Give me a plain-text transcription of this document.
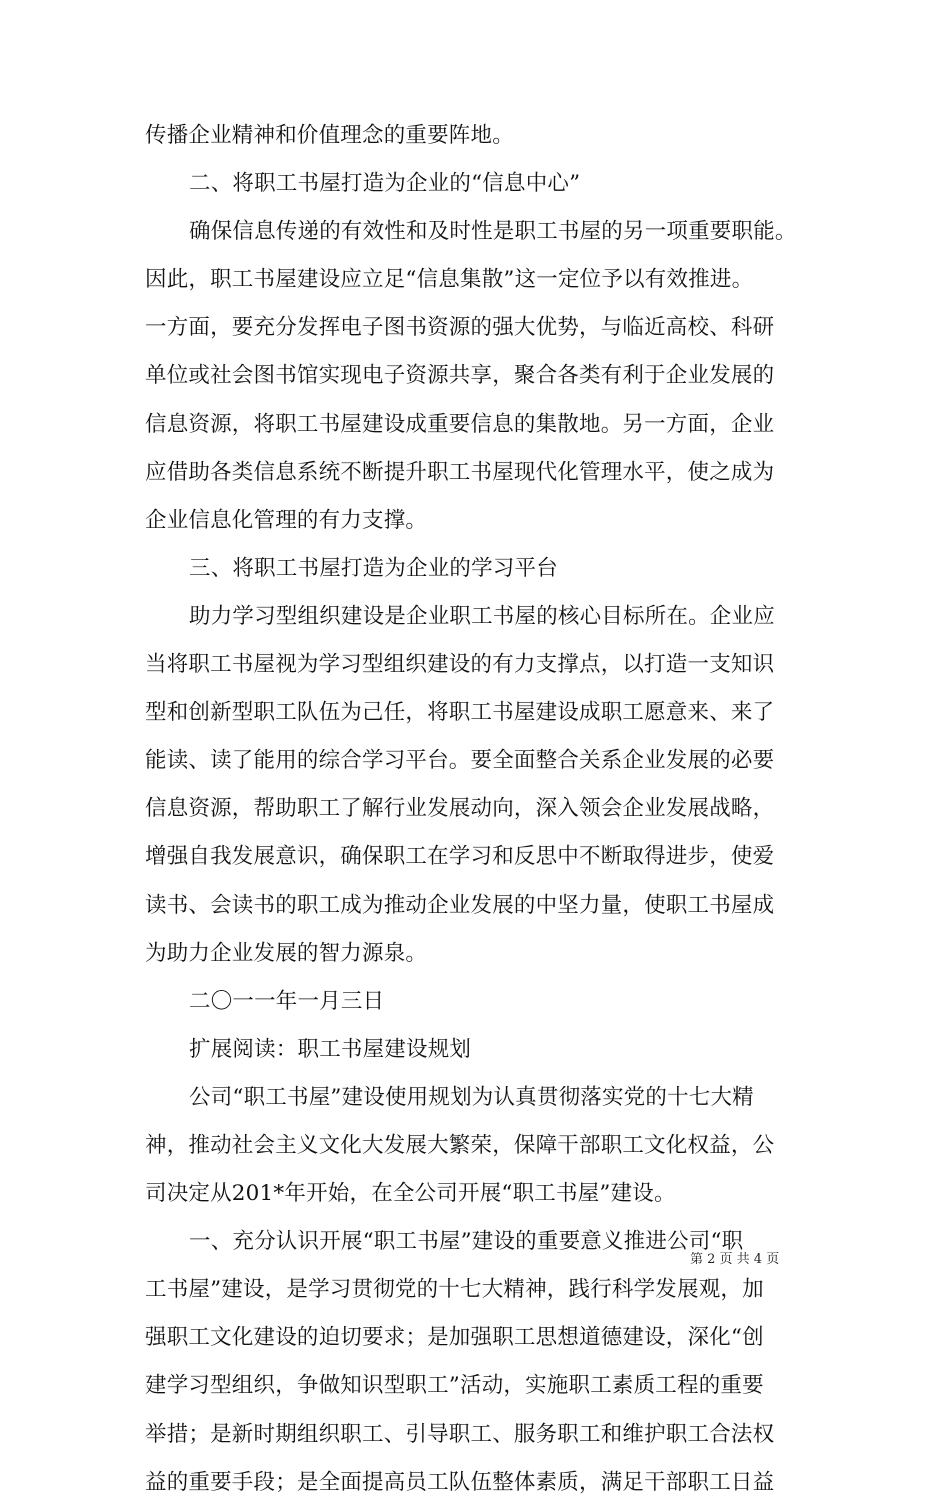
传播企业精神和价值理念的重要阵地。
二、将职工书屋打造为企业的“信息中心”
确保信息传递的有效性和及时性是职工书屋的另一项重要职能。
因此，职工书屋建设应立足“信息集散”这一定位予以有效推进。
一方面，要充分发挥电子图书资源的强大优势，与临近高校、科研
单位或社会图书馆实现电子资源共享，聚合各类有利于企业发展的
信息资源，将职工书屋建设成重要信息的集散地。另一方面，企业
应借助各类信息系统不断提升职工书屋现代化管理水平，使之成为
企业信息化管理的有力支撑。
三、将职工书屋打造为企业的学习平台
助力学习型组织建设是企业职工书屋的核心目标所在。企业应
当将职工书屋视为学习型组织建设的有力支撑点，以打造一支知识
型和创新型职工队伍为己任，将职工书屋建设成职工愿意来、来了
能读、读了能用的综合学习平台。要全面整合关系企业发展的必要
信息资源，帮助职工了解行业发展动向，深入领会企业发展战略，
增强自我发展意识，确保职工在学习和反思中不断取得进步，使爱
读书、会读书的职工成为推动企业发展的中坚力量，使职工书屋成
为助力企业发展的智力源泉。
二〇一一年一月三日
扩展阅读：职工书屋建设规划
公司“职工书屋”建设使用规划为认真贯彻落实党的十七大精
神，推动社会主义文化大发展大繁荣，保障干部职工文化权益，公
司决定从201*年开始，在全公司开展“职工书屋”建设。
一、充分认识开展“职工书屋”建设的重要意义推进公司“职
工书屋”建设，是学习贯彻党的十七大精神，践行科学发展观，加
强职工文化建设的迫切要求；是加强职工思想道德建设，深化“创
建学习型组织，争做知识型职工”活动，实施职工素质工程的重要
举措；是新时期组织职工、引导职工、服务职工和维护职工合法权
益的重要手段；是全面提高员工队伍整体素质，满足干部职工日益
第 2 页 共 4 页
